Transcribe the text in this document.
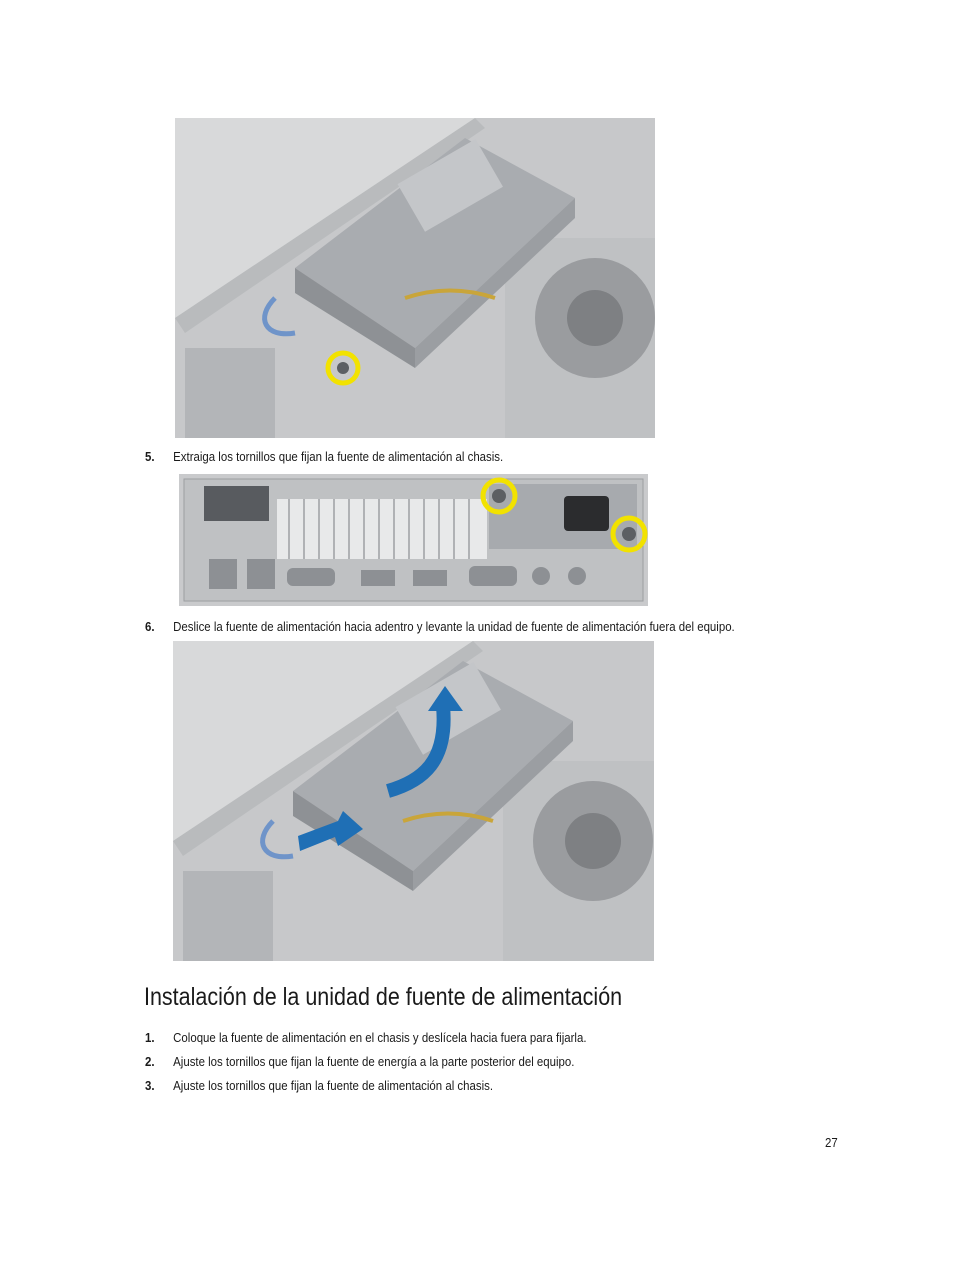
5. Extraiga los tornillos que fijan la fuente de alimentación al chasis.
6. Deslice la fuente de alimentación hacia adentro y levante la unidad de fuente de alimentación fuera del equipo.
Instalación de la unidad de fuente de alimentación
1. Coloque la fuente de alimentación en el chasis y deslícela hacia fuera para fijarla.
2. Ajuste los tornillos que fijan la fuente de energía a la parte posterior del equipo.
3. Ajuste los tornillos que fijan la fuente de alimentación al chasis.
27
